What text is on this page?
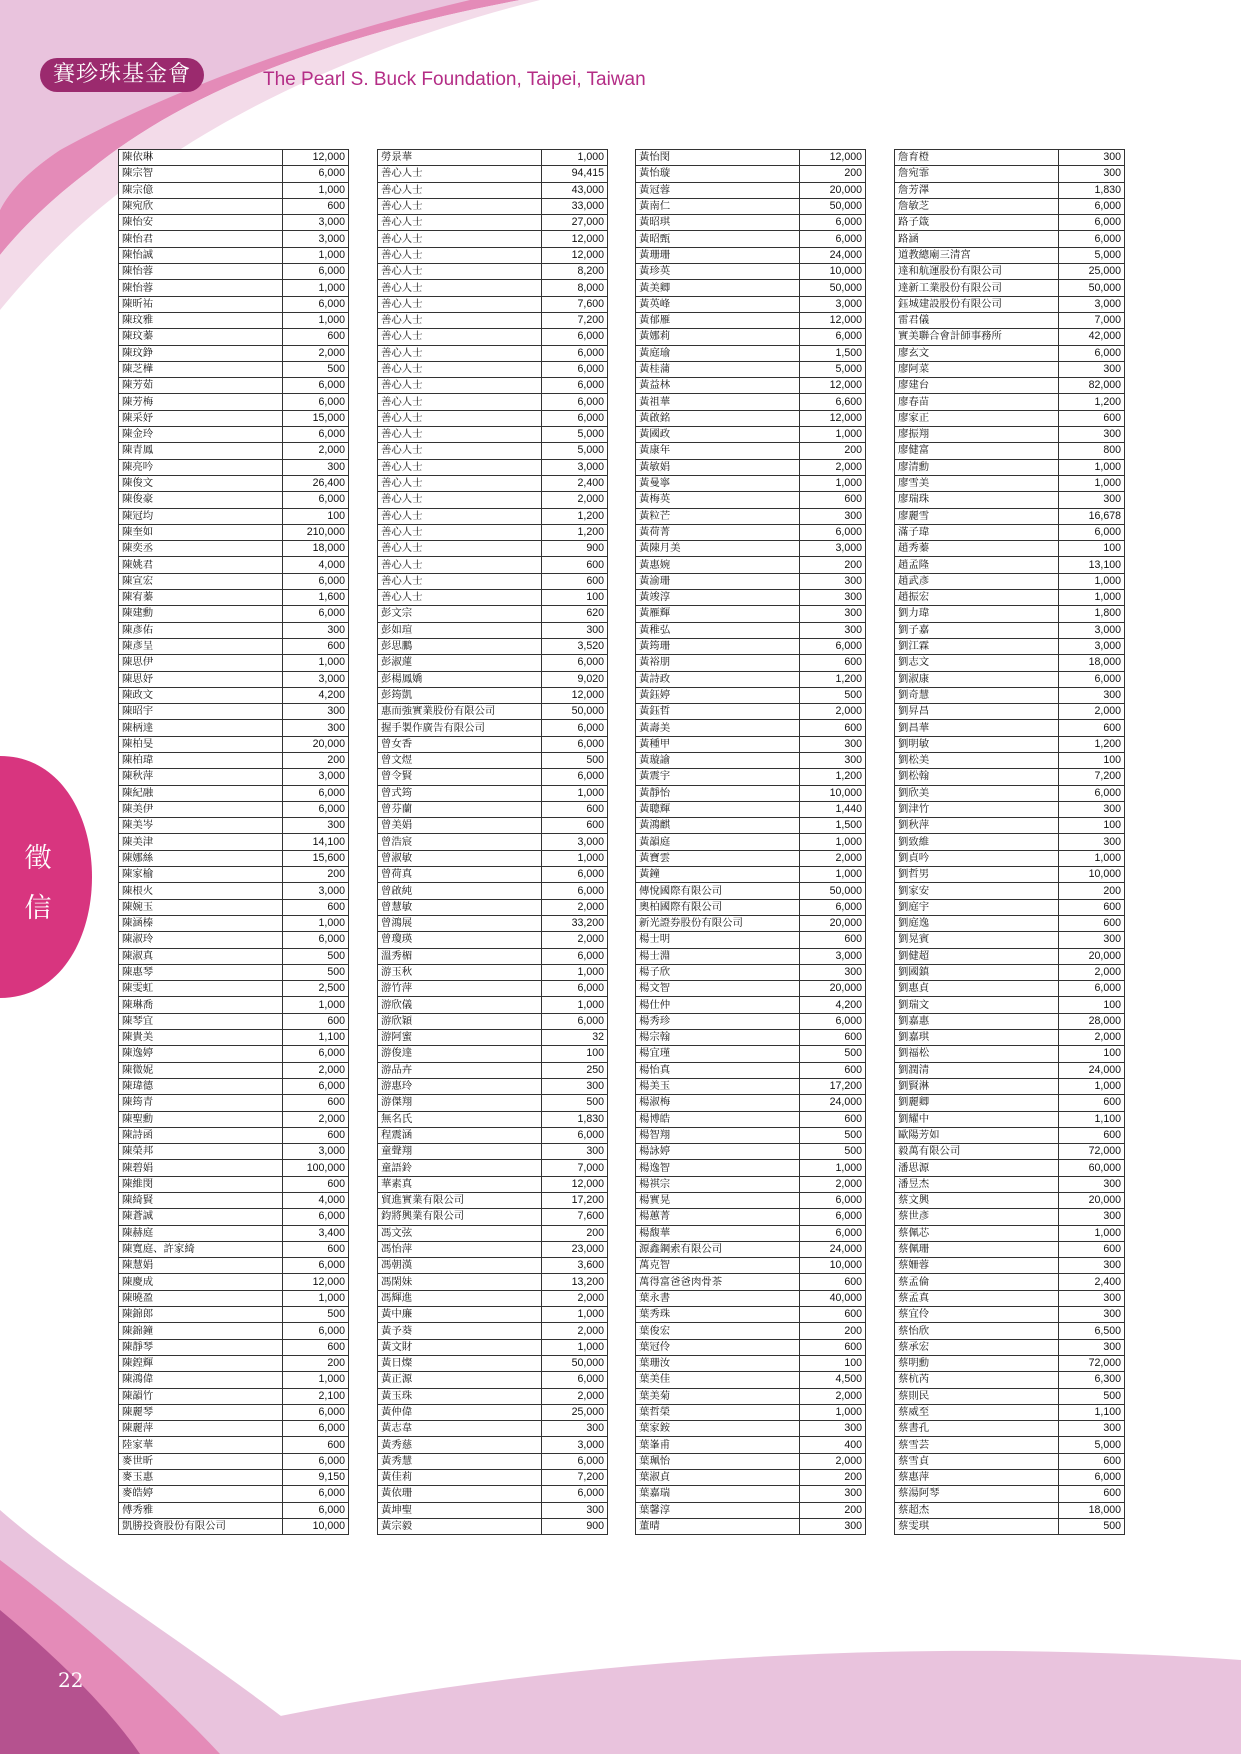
賽珍珠基金會	The Pearl S. Buck Foundation, Taipei, Taiwan
徵
信
陳依琳	12,000
陳宗智	6,000
陳宗億	1,000
陳宛欣	600
陳怡安	3,000
陳怡君	3,000
陳怡誠	1,000
陳怡蓉	6,000
陳怡蓉	1,000
陳昕祐	6,000
陳玟雅	1,000
陳玟蓁	600
陳玟錚	2,000
陳芝樺	500
陳芳茹	6,000
陳芳梅	6,000
陳采妤	15,000
陳金玲	6,000
陳青鳳	2,000
陳亮吟	300
陳俊文	26,400
陳俊豪	6,000
陳冠均	100
陳奎如	210,000
陳奕丞	18,000
陳姚君	4,000
陳宣宏	6,000
陳宥蓁	1,600
陳建勳	6,000
陳彥佑	300
陳彥呈	600
陳思伊	1,000
陳思妤	3,000
陳政文	4,200
陳昭宇	300
陳柄達	300
陳柏旻	20,000
陳柏瑋	200
陳秋萍	3,000
陳紀融	6,000
陳美伊	6,000
陳美岑	300
陳美津	14,100
陳娜絲	15,600
陳家榆	200
陳根火	3,000
陳婉玉	600
陳涵榛	1,000
陳淑玲	6,000
陳淑真	500
陳惠琴	500
陳雯虹	2,500
陳琳喬	1,000
陳琴宜	600
陳貴美	1,100
陳逸婷	6,000
陳微妮	2,000
陳瑋德	6,000
陳筠青	600
陳聖勳	2,000
陳詩函	600
陳榮邦	3,000
陳碧娟	100,000
陳維閔	600
陳綺賢	4,000
陳蒼誠	6,000
陳赫庭	3,400
陳寬庭、許家綺	600
陳慧娟	6,000
陳慶成	12,000
陳曉盈	1,000
陳錦郎	500
陳錦鐘	6,000
陳靜琴	600
陳鍠輝	200
陳鴻偉	1,000
陳韻竹	2,100
陳麗琴	6,000
陳麗萍	6,000
陸家華	600
麥世昕	6,000
麥玉惠	9,150
麥皓婷	6,000
傅秀雅	6,000
凱勝投資股份有限公司	10,000
勞景華	1,000
善心人士	94,415
善心人士	43,000
善心人士	33,000
善心人士	27,000
善心人士	12,000
善心人士	12,000
善心人士	8,200
善心人士	8,000
善心人士	7,600
善心人士	7,200
善心人士	6,000
善心人士	6,000
善心人士	6,000
善心人士	6,000
善心人士	6,000
善心人士	6,000
善心人士	5,000
善心人士	5,000
善心人士	3,000
善心人士	2,400
善心人士	2,000
善心人士	1,200
善心人士	1,200
善心人士	900
善心人士	600
善心人士	600
善心人士	100
彭文宗	620
彭如瑄	300
彭思鵬	3,520
彭淑蓮	6,000
彭楊鳳嬌	9,020
彭筠凱	12,000
惠而強實業股份有限公司	50,000
握手製作廣告有限公司	6,000
曾女香	6,000
曾文煜	500
曾令賢	6,000
曾式筠	1,000
曾芬蘭	600
曾美娟	600
曾浩宸	3,000
曾淑敏	1,000
曾荷真	6,000
曾啟純	6,000
曾慧敏	2,000
曾鴻展	33,200
曾瓊瑛	2,000
溫秀楣	6,000
游玉秋	1,000
游竹萍	6,000
游欣儀	1,000
游欣穎	6,000
游阿蜜	32
游俊達	100
游品卉	250
游惠玲	300
游傑翔	500
無名氏	1,830
程震涵	6,000
童聲翔	300
童語鈴	7,000
華素真	12,000
貿進實業有限公司	17,200
鈞將興業有限公司	7,600
馮文弦	200
馮怡萍	23,000
馮朝漢	3,600
馮閑妹	13,200
馮輝進	2,000
黃中廉	1,000
黃予葵	2,000
黃文財	1,000
黃日燦	50,000
黃正源	6,000
黃玉珠	2,000
黃仲偉	25,000
黃志韋	300
黃秀慈	3,000
黃秀慧	6,000
黃佳莉	7,200
黃依珊	6,000
黃坤聖	300
黃宗毅	900
黃怡閔	12,000
黃怡璇	200
黃冠蓉	20,000
黃南仁	50,000
黃昭琪	6,000
黃昭甄	6,000
黃珊珊	24,000
黃珍英	10,000
黃美卿	50,000
黃英峰	3,000
黃郁雁	12,000
黃娜莉	6,000
黃庭瑜	1,500
黃桂蒲	5,000
黃益林	12,000
黃祖華	6,600
黃啟銘	12,000
黃國政	1,000
黃康年	200
黃敏娟	2,000
黃曼寧	1,000
黃梅英	600
黃粒芒	300
黃荷菁	6,000
黃陳月美	3,000
黃惠婉	200
黃渝珊	300
黃竣淳	300
黃雁輝	300
黃稚弘	300
黃筠珊	6,000
黃裕朋	600
黃詩政	1,200
黃鈺婷	500
黃鈺哲	2,000
黃壽美	600
黃種甲	300
黃璇諭	300
黃震宇	1,200
黃靜怡	10,000
黃聰輝	1,440
黃鴻麒	1,500
黃韻庭	1,000
黃寶雲	2,000
黃鐘	1,000
傳悅國際有限公司	50,000
奧柏國際有限公司	6,000
新光證券股份有限公司	20,000
楊士明	600
楊士淵	3,000
楊子欣	300
楊文智	20,000
楊仕仲	4,200
楊秀珍	6,000
楊宗翰	600
楊宜瑾	500
楊怡真	600
楊美玉	17,200
楊淑梅	24,000
楊博皓	600
楊智翔	500
楊詠婷	500
楊逸智	1,000
楊祺宗	2,000
楊實晃	6,000
楊蕙菁	6,000
楊馥華	6,000
源鑫鋼索有限公司	24,000
萬克智	10,000
萬得富爸爸肉骨茶	600
葉永書	40,000
葉秀珠	600
葉俊宏	200
葉冠伶	600
葉珊汝	100
葉美佳	4,500
葉美菊	2,000
葉哲榮	1,000
葉家銨	300
葉峯甫	400
葉珮怡	2,000
葉淑貞	200
葉嘉瑞	300
葉馨淳	200
董晴	300
詹育橙	300
詹宛霏	300
詹芳澤	1,830
詹敏芝	6,000
路子箴	6,000
路涵	6,000
道教總廟三清宮	5,000
達和航運股份有限公司	25,000
達新工業股份有限公司	50,000
鈺城建設股份有限公司	3,000
雷君儀	7,000
實美聯合會計師事務所	42,000
廖玄文	6,000
廖阿菜	300
廖建台	82,000
廖春苗	1,200
廖家正	600
廖振翔	300
廖健富	800
廖清勳	1,000
廖雪美	1,000
廖瑞珠	300
廖麗雪	16,678
滿子瑋	6,000
趙秀蓁	100
趙孟隆	13,100
趙武彥	1,000
趙振宏	1,000
劉力瑋	1,800
劉子嘉	3,000
劉江霖	3,000
劉志文	18,000
劉淑康	6,000
劉奇慧	300
劉昇昌	2,000
劉昌華	600
劉明敏	1,200
劉松美	100
劉松翰	7,200
劉欣美	6,000
劉津竹	300
劉秋萍	100
劉致維	300
劉貞吟	1,000
劉哲男	10,000
劉家安	200
劉庭宇	600
劉庭逸	600
劉晃賓	300
劉健超	20,000
劉國鎮	2,000
劉惠貞	6,000
劉瑞文	100
劉嘉惠	28,000
劉嘉琪	2,000
劉福松	100
劉潤清	24,000
劉賢淋	1,000
劉麗卿	600
劉耀中	1,100
歐陽芳如	600
毅萬有限公司	72,000
潘思源	60,000
潘昱杰	300
蔡文興	20,000
蔡世彥	300
蔡佩芯	1,000
蔡佩珊	600
蔡姍蓉	300
蔡孟倫	2,400
蔡孟真	300
蔡宜伶	300
蔡怡欣	6,500
蔡承宏	300
蔡明勳	72,000
蔡杭芮	6,300
蔡則民	500
蔡威至	1,100
蔡書孔	300
蔡雪芸	5,000
蔡雪貞	600
蔡惠萍	6,000
蔡湯阿琴	600
蔡超杰	18,000
蔡雯琪	500
22
